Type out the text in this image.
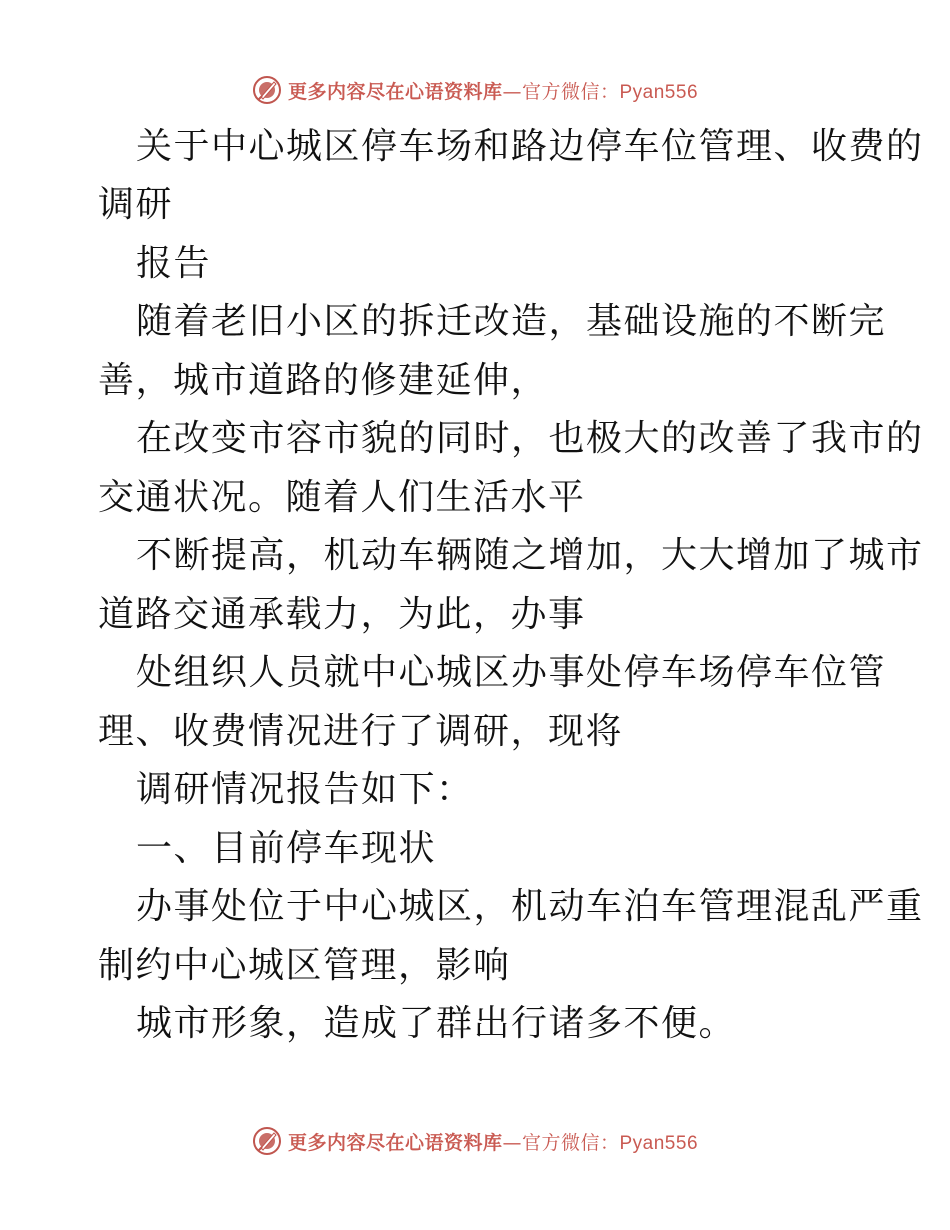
更多内容尽在心语资料库—官方微信：Pyan556
关于中心城区停车场和路边停车位管理、收费的
调研
报告
随着老旧小区的拆迁改造，基础设施的不断完
善，城市道路的修建延伸，
在改变市容市貌的同时，也极大的改善了我市的
交通状况。随着人们生活水平
不断提高，机动车辆随之增加，大大增加了城市
道路交通承载力，为此，办事
处组织人员就中心城区办事处停车场停车位管
理、收费情况进行了调研，现将
调研情况报告如下：
一、目前停车现状
办事处位于中心城区，机动车泊车管理混乱严重
制约中心城区管理，影响
城市形象，造成了群出行诸多不便。
更多内容尽在心语资料库—官方微信：Pyan556
